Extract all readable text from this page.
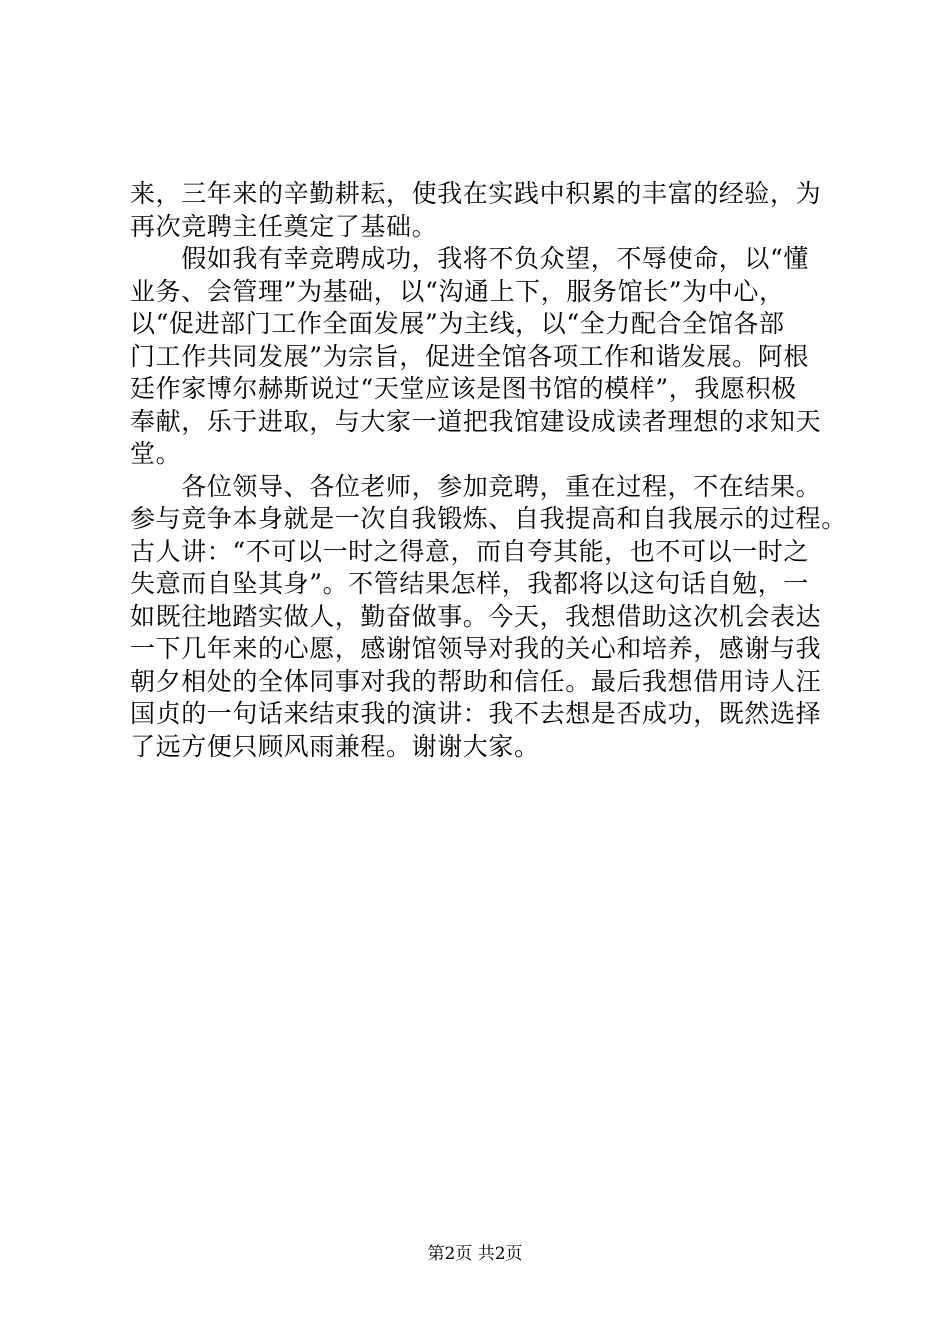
来，三年来的辛勤耕耘，使我在实践中积累的丰富的经验，为
再次竞聘主任奠定了基础。
　　假如我有幸竞聘成功，我将不负众望，不辱使命，以“懂
业务、会管理”为基础，以“沟通上下，服务馆长”为中心，
以“促进部门工作全面发展”为主线，以“全力配合全馆各部
门工作共同发展”为宗旨，促进全馆各项工作和谐发展。阿根
廷作家博尔赫斯说过“天堂应该是图书馆的模样”，我愿积极
奉献，乐于进取，与大家一道把我馆建设成读者理想的求知天
堂。
　　各位领导、各位老师，参加竞聘，重在过程，不在结果。
参与竞争本身就是一次自我锻炼、自我提高和自我展示的过程。
古人讲：“不可以一时之得意，而自夸其能，也不可以一时之
失意而自坠其身”。不管结果怎样，我都将以这句话自勉，一
如既往地踏实做人，勤奋做事。今天，我想借助这次机会表达
一下几年来的心愿，感谢馆领导对我的关心和培养，感谢与我
朝夕相处的全体同事对我的帮助和信任。最后我想借用诗人汪
国贞的一句话来结束我的演讲：我不去想是否成功，既然选择
了远方便只顾风雨兼程。谢谢大家。
第2页 共2页
